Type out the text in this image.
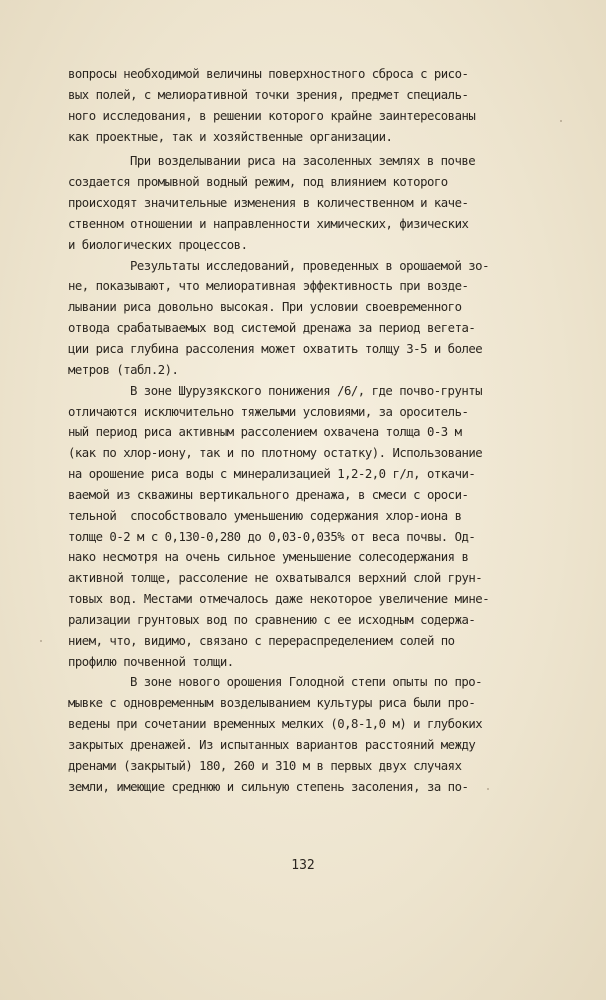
вопросы необходимой величины поверхностного сброса с рисо-
вых полей, с мелиоративной точки зрения, предмет специаль-
ного исследования, в решении которого крайне заинтересованы
как проектные, так и хозяйственные организации.
При возделывании риса на засоленных землях в почве
создается промывной водный режим, под влиянием которого
происходят значительные изменения в количественном и каче-
ственном отношении и направленности химических, физических
и биологических процессов.
Результаты исследований, проведенных в орошаемой зо-
не, показывают, что мелиоративная эффективность при возде-
лывании риса довольно высокая. При условии своевременного
отвода срабатываемых вод системой дренажа за период вегета-
ции риса глубина рассоления может охватить толщу 3-5 и более
метров (табл.2).
В зоне Шурузякского понижения /6/, где почво-грунты
отличаются исключительно тяжелыми условиями, за ороситель-
ный период риса активным рассолением охвачена толща 0-3 м
(как по хлор-иону, так и по плотному остатку). Использование
на орошение риса воды с минерализацией 1,2-2,0 г/л, откачи-
ваемой из скважины вертикального дренажа, в смеси с ороси-
тельной  способствовало уменьшению содержания хлор-иона в
толще 0-2 м с 0,130-0,280 до 0,03-0,035% от веса почвы. Од-
нако несмотря на очень сильное уменьшение солесодержания в
активной толще, рассоление не охватывался верхний слой грун-
товых вод. Местами отмечалось даже некоторое увеличение мине-
рализации грунтовых вод по сравнению с ее исходным содержа-
нием, что, видимо, связано с перераспределением солей по
профилю почвенной толщи.
В зоне нового орошения Голодной степи опыты по про-
мывке с одновременным возделыванием культуры риса были про-
ведены при сочетании временных мелких (0,8-1,0 м) и глубоких
закрытых дренажей. Из испытанных вариантов расстояний между
дренами (закрытый) 180, 260 и 310 м в первых двух случаях
земли, имеющие среднюю и сильную степень засоления, за по-
132
